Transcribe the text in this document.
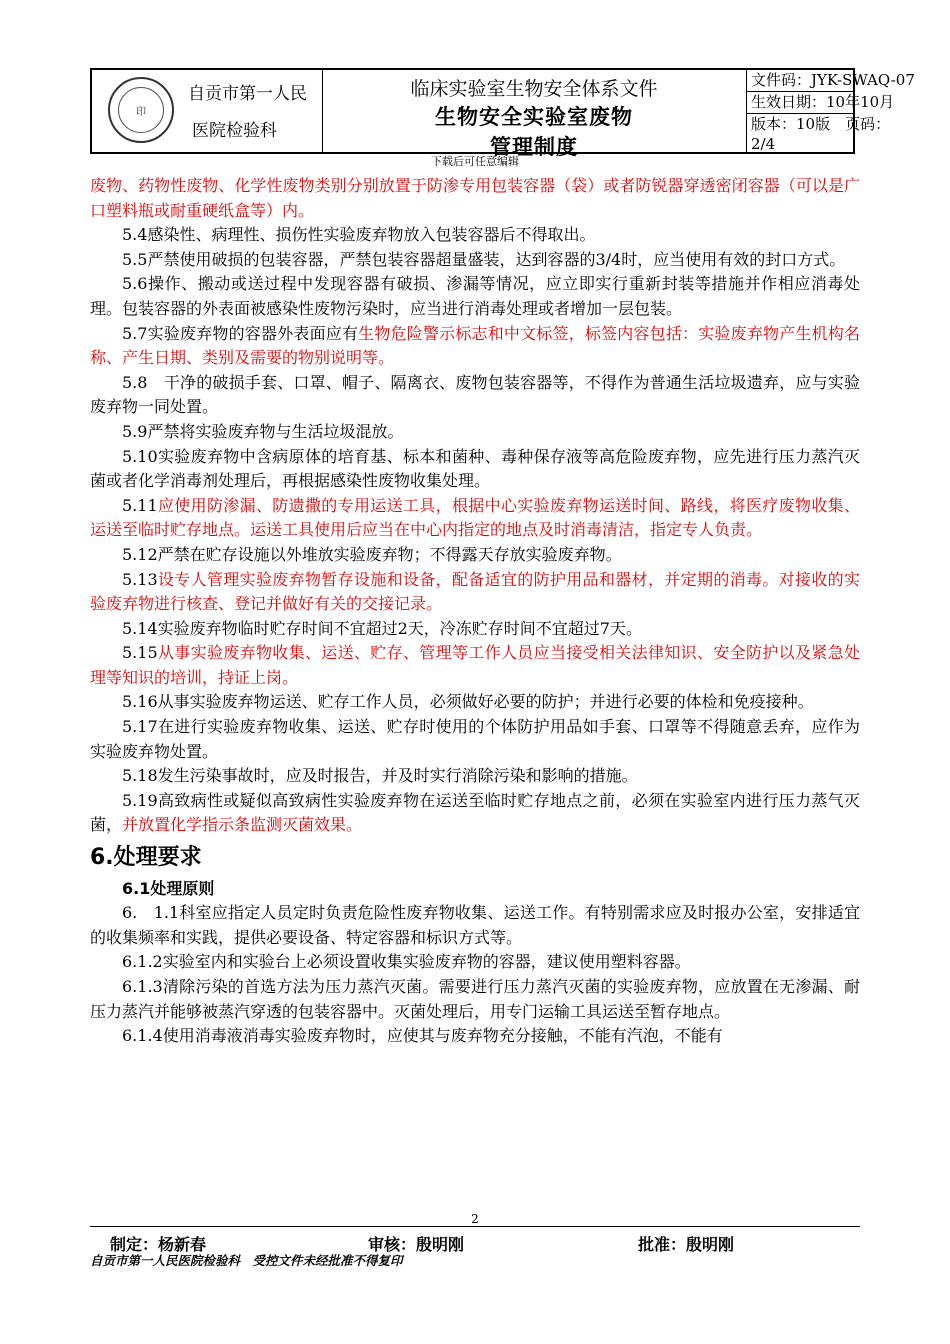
印
自贡市第一人民
医院检验科
临床实验室生物安全体系文件
生物安全实验室废物
管理制度
文件码：JYK-SWAQ-07
生效日期：10年10月
版本：10版　页码：
2/4
下载后可任意编辑

废物、药物性废物、化学性废物类别分别放置于防渗专用包装容器（袋）或者防锐器穿透密闭容器（可以是广口塑料瓶或耐重硬纸盒等）内。

5.4感染性、病理性、损伤性实验废弃物放入包装容器后不得取出。

5.5严禁使用破损的包装容器，严禁包装容器超量盛装，达到容器的3/4时，应当使用有效的封口方式。

5.6操作、搬动或送过程中发现容器有破损、渗漏等情况，应立即实行重新封装等措施并作相应消毒处理。包装容器的外表面被感染性废物污染时，应当进行消毒处理或者增加一层包装。

5.7实验废弃物的容器外表面应有生物危险警示标志和中文标签，标签内容包括：实验废弃物产生机构名称、产生日期、类别及需要的物别说明等。

5.8　干净的破损手套、口罩、帽子、隔离衣、废物包装容器等，不得作为普通生活垃圾遗弃，应与实验废弃物一同处置。

5.9严禁将实验废弃物与生活垃圾混放。

5.10实验废弃物中含病原体的培育基、标本和菌种、毒种保存液等高危险废弃物，应先进行压力蒸汽灭菌或者化学消毒剂处理后，再根据感染性废物收集处理。

5.11应使用防渗漏、防遗撒的专用运送工具，根据中心实验废弃物运送时间、路线，将医疗废物收集、运送至临时贮存地点。运送工具使用后应当在中心内指定的地点及时消毒清洁，指定专人负责。

5.12严禁在贮存设施以外堆放实验废弃物；不得露天存放实验废弃物。

5.13设专人管理实验废弃物暂存设施和设备，配备适宜的防护用品和器材，并定期的消毒。对接收的实验废弃物进行核查、登记并做好有关的交接记录。

5.14实验废弃物临时贮存时间不宜超过2天，冷冻贮存时间不宜超过7天。

5.15从事实验废弃物收集、运送、贮存、管理等工作人员应当接受相关法律知识、安全防护以及紧急处理等知识的培训，持证上岗。

5.16从事实验废弃物运送、贮存工作人员，必须做好必要的防护；并进行必要的体检和免疫接种。

5.17在进行实验废弃物收集、运送、贮存时使用的个体防护用品如手套、口罩等不得随意丢弃，应作为实验废弃物处置。

5.18发生污染事故时，应及时报告，并及时实行消除污染和影响的措施。

5.19高致病性或疑似高致病性实验废弃物在运送至临时贮存地点之前，必须在实验室内进行压力蒸气灭菌，并放置化学指示条监测灭菌效果。

6.处理要求
6.1处理原则

6.　1.1科室应指定人员定时负责危险性废弃物收集、运送工作。有特别需求应及时报办公室，安排适宜的收集频率和实践，提供必要设备、特定容器和标识方式等。

6.1.2实验室内和实验台上必须设置收集实验废弃物的容器，建议使用塑料容器。

6.1.3清除污染的首选方法为压力蒸汽灭菌。需要进行压力蒸汽灭菌的实验废弃物，应放置在无渗漏、耐压力蒸汽并能够被蒸汽穿透的包装容器中。灭菌处理后，用专门运输工具运送至暂存地点。

6.1.4使用消毒液消毒实验废弃物时，应使其与废弃物充分接触，不能有汽泡，不能有

2
制定：杨新春	审核：殷明刚	批准：殷明刚
自贡市第一人民医院检验科　受控文件未经批准不得复印
